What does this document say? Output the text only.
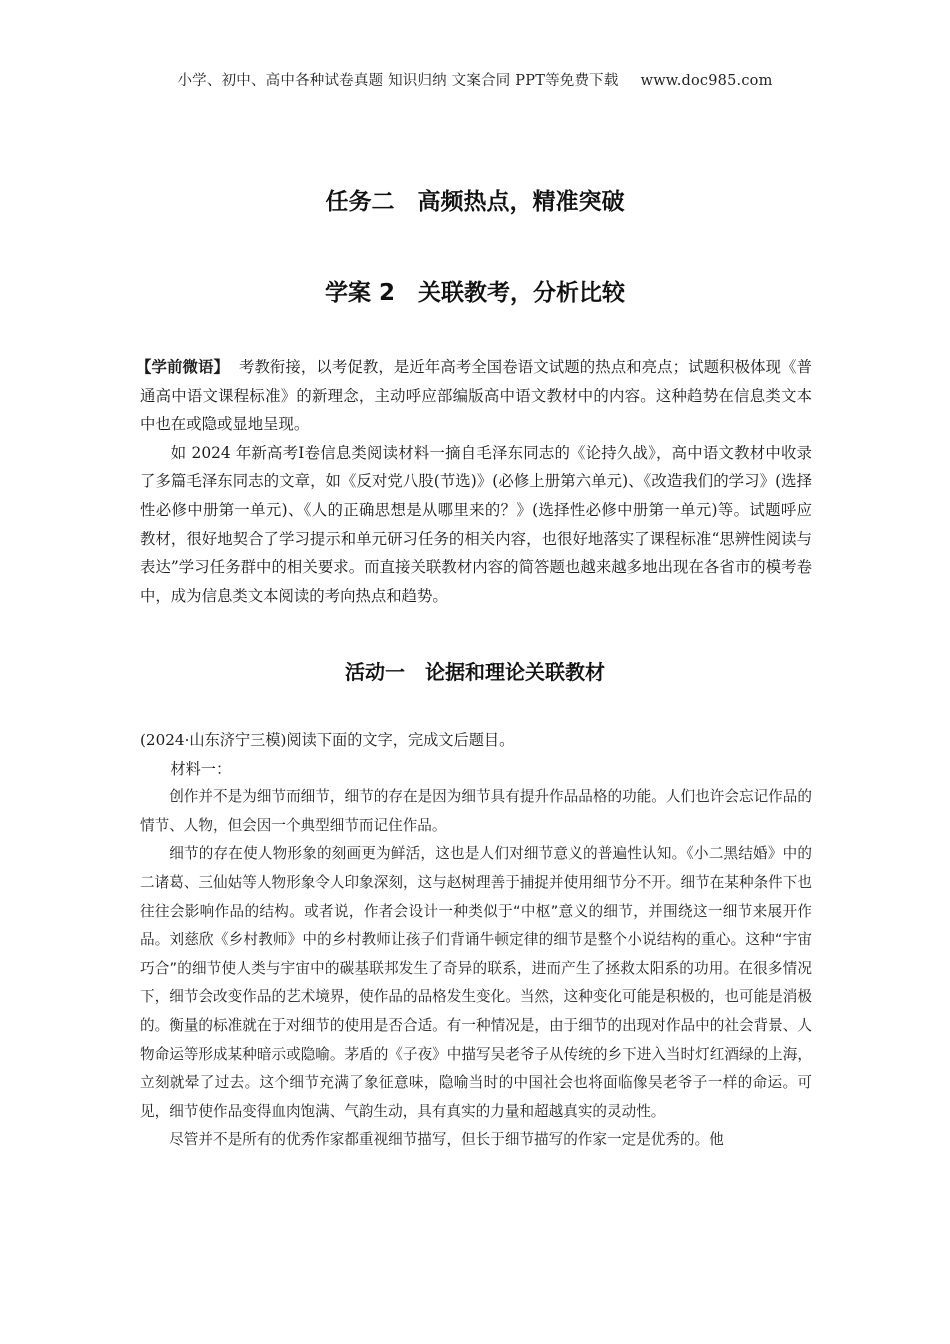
小学、初中、高中各种试卷真题 知识归纳 文案合同 PPT等免费下载 www.doc985.com
任务二　高频热点，精准突破
学案 2　关联教考，分析比较

【学前微语】 考教衔接，以考促教，是近年高考全国卷语文试题的热点和亮点；试题积极体现《普通高中语文课程标准》的新理念，主动呼应部编版高中语文教材中的内容。这种趋势在信息类文本中也在或隐或显地呈现。

如 2024 年新高考Ⅰ卷信息类阅读材料一摘自毛泽东同志的《论持久战》，高中语文教材中收录了多篇毛泽东同志的文章，如《反对党八股(节选)》(必修上册第六单元)、《改造我们的学习》(选择性必修中册第一单元)、《人的正确思想是从哪里来的？》(选择性必修中册第一单元)等。试题呼应教材，很好地契合了学习提示和单元研习任务的相关内容，也很好地落实了课程标准“思辨性阅读与表达”学习任务群中的相关要求。而直接关联教材内容的简答题也越来越多地出现在各省市的模考卷中，成为信息类文本阅读的考向热点和趋势。

活动一　论据和理论关联教材

(2024·山东济宁三模)阅读下面的文字，完成文后题目。

材料一：

创作并不是为细节而细节，细节的存在是因为细节具有提升作品品格的功能。人们也许会忘记作品的情节、人物，但会因一个典型细节而记住作品。

细节的存在使人物形象的刻画更为鲜活，这也是人们对细节意义的普遍性认知。《小二黑结婚》中的二诸葛、三仙姑等人物形象令人印象深刻，这与赵树理善于捕捉并使用细节分不开。细节在某种条件下也往往会影响作品的结构。或者说，作者会设计一种类似于“中枢”意义的细节，并围绕这一细节来展开作品。刘慈欣《乡村教师》中的乡村教师让孩子们背诵牛顿定律的细节是整个小说结构的重心。这种“宇宙巧合”的细节使人类与宇宙中的碳基联邦发生了奇异的联系，进而产生了拯救太阳系的功用。在很多情况下，细节会改变作品的艺术境界，使作品的品格发生变化。当然，这种变化可能是积极的，也可能是消极的。衡量的标准就在于对细节的使用是否合适。有一种情况是，由于细节的出现对作品中的社会背景、人物命运等形成某种暗示或隐喻。茅盾的《子夜》中描写吴老爷子从传统的乡下进入当时灯红酒绿的上海，立刻就晕了过去。这个细节充满了象征意味，隐喻当时的中国社会也将面临像吴老爷子一样的命运。可见，细节使作品变得血肉饱满、气韵生动，具有真实的力量和超越真实的灵动性。

尽管并不是所有的优秀作家都重视细节描写，但长于细节描写的作家一定是优秀的。他
